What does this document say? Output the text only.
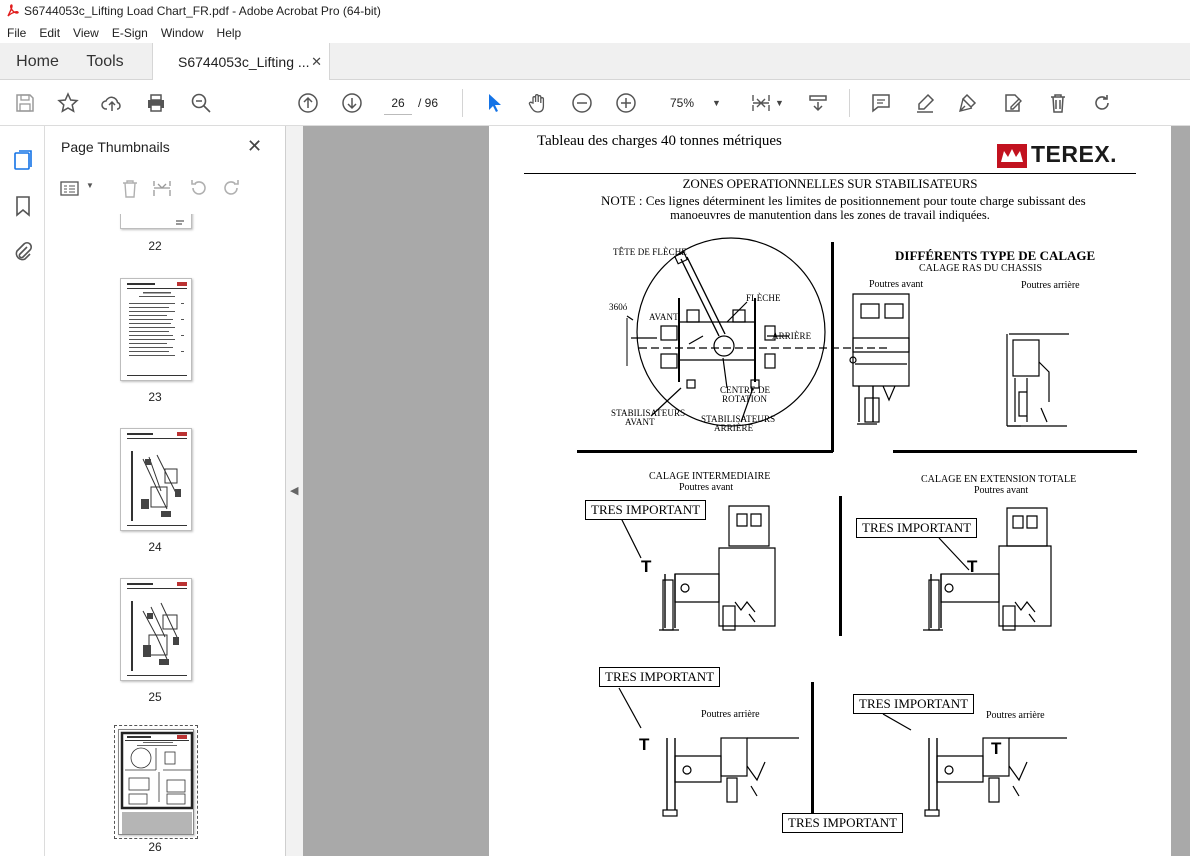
S6744053c_Lifting Load Chart_FR.pdf - Adobe Acrobat Pro (64-bit)
File	Edit	View	E-Sign	Window	Help
Home	Tools	S6744053c_Lifting ... ✕
26
/ 96	75% ▼	▼
Page Thumbnails	✕
▼
22
23
24
25
26
◀
Tableau des charges 40 tonnes métriques	TEREX.
ZONES OPERATIONNELLES SUR STABILISATEURS
NOTE : Ces lignes déterminent les limites de positionnement pour toute charge subissant des
manoeuvres de manutention dans les zones de travail indiquées.
T	T
T	T
TÊTE DE FLÈCHE
360ó
AVANT
FLÈCHE
ARRIÈRE
CENTRE DE
ROTATION
STABILISATEURS
AVANT	STABILISATEURS
ARRIÈRE
DIFFÉRENTS TYPE DE CALAGE
CALAGE RAS DU CHASSIS
Poutres avant	Poutres arrière
CALAGE INTERMEDIAIRE
Poutres avant
CALAGE EN EXTENSION TOTALE
Poutres avant
Poutres arrière	Poutres arrière
TRES IMPORTANT
TRES IMPORTANT
TRES IMPORTANT
TRES IMPORTANT
TRES IMPORTANT
